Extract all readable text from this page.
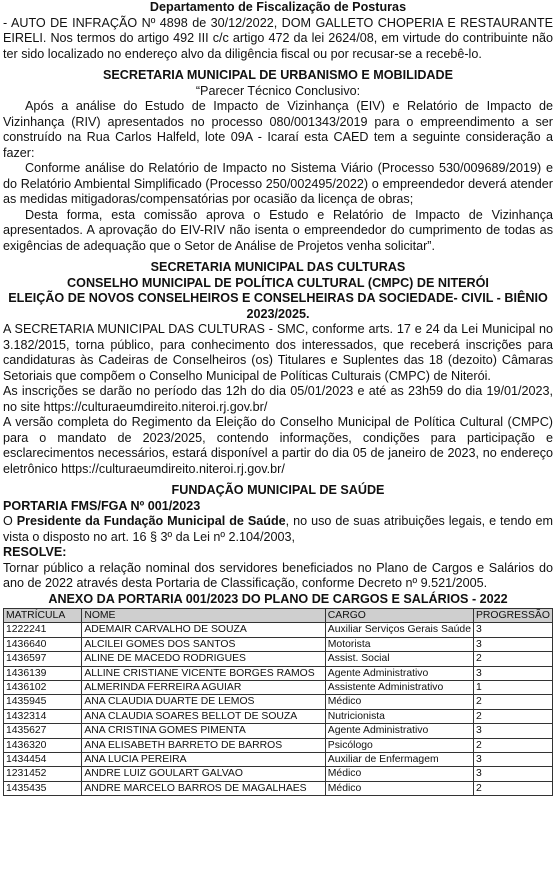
Departamento de Fiscalização de Posturas
- AUTO DE INFRAÇÃO Nº 4898 de 30/12/2022, DOM GALLETO CHOPERIA E RESTAURANTE EIRELI. Nos termos do artigo 492 III c/c artigo 472 da lei 2624/08, em virtude do contribuinte não ter sido localizado no endereço alvo da diligência fiscal ou por recusar-se a recebê-lo.
SECRETARIA MUNICIPAL DE URBANISMO E MOBILIDADE
“Parecer Técnico Conclusivo:
Após a análise do Estudo de Impacto de Vizinhança (EIV) e Relatório de Impacto de Vizinhança (RIV) apresentados no processo 080/001343/2019 para o empreendimento a ser construído na Rua Carlos Halfeld, lote 09A - Icaraí esta CAED tem a seguinte consideração a fazer:
Conforme análise do Relatório de Impacto no Sistema Viário (Processo 530/009689/2019) e do Relatório Ambiental Simplificado (Processo 250/002495/2022) o empreendedor deverá atender as medidas mitigadoras/compensatórias por ocasião da licença de obras;
Desta forma, esta comissão aprova o Estudo e Relatório de Impacto de Vizinhança apresentados. A aprovação do EIV-RIV não isenta o empreendedor do cumprimento de todas as exigências de adequação que o Setor de Análise de Projetos venha solicitar”.
SECRETARIA MUNICIPAL DAS CULTURAS
CONSELHO MUNICIPAL DE POLÍTICA CULTURAL (CMPC) DE NITERÓI
ELEIÇÃO DE NOVOS CONSELHEIROS E CONSELHEIRAS DA SOCIEDADE- CIVIL - BIÊNIO 2023/2025.
A SECRETARIA MUNICIPAL DAS CULTURAS - SMC, conforme arts. 17 e 24 da Lei Municipal no 3.182/2015, torna público, para conhecimento dos interessados, que receberá inscrições para candidaturas às Cadeiras de Conselheiros (os) Titulares e Suplentes das 18 (dezoito) Câmaras Setoriais que compõem o Conselho Municipal de Políticas Culturais (CMPC) de Niterói.
As inscrições se darão no período das 12h do dia 05/01/2023 e até as 23h59 do dia 19/01/2023, no site https://culturaeumdireito.niteroi.rj.gov.br/
A versão completa do Regimento da Eleição do Conselho Municipal de Política Cultural (CMPC) para o mandato de 2023/2025, contendo informações, condições para participação e esclarecimentos necessários, estará disponível a partir do dia 05 de janeiro de 2023, no endereço eletrônico https://culturaeumdireito.niteroi.rj.gov.br/
FUNDAÇÃO MUNICIPAL DE SAÚDE
PORTARIA FMS/FGA Nº 001/2023
O Presidente da Fundação Municipal de Saúde, no uso de suas atribuições legais, e tendo em vista o disposto no art. 16 § 3º da Lei nº 2.104/2003,
RESOLVE:
Tornar público a relação nominal dos servidores beneficiados no Plano de Cargos e Salários do ano de 2022 através desta Portaria de Classificação, conforme Decreto nº 9.521/2005.
ANEXO DA PORTARIA 001/2023 DO PLANO DE CARGOS E SALÁRIOS - 2022
MATRÍCULA	NOME	CARGO	PROGRESSÃO
1222241	ADEMAIR CARVALHO DE SOUZA	Auxiliar Serviços Gerais Saúde	3
1436640	ALCILEI GOMES DOS SANTOS	Motorista	3
1436597	ALINE DE MACEDO RODRIGUES	Assist. Social	2
1436139	ALLINE CRISTIANE VICENTE BORGES RAMOS	Agente Administrativo	3
1436102	ALMERINDA FERREIRA AGUIAR	Assistente Administrativo	1
1435945	ANA CLAUDIA DUARTE DE LEMOS	Médico	2
1432314	ANA CLAUDIA SOARES BELLOT DE SOUZA	Nutricionista	2
1435627	ANA CRISTINA GOMES PIMENTA	Agente Administrativo	3
1436320	ANA ELISABETH BARRETO DE BARROS	Psicólogo	2
1434454	ANA LUCIA PEREIRA	Auxiliar de Enfermagem	3
1231452	ANDRE LUIZ GOULART GALVAO	Médico	3
1435435	ANDRE MARCELO BARROS DE MAGALHAES	Médico	2
